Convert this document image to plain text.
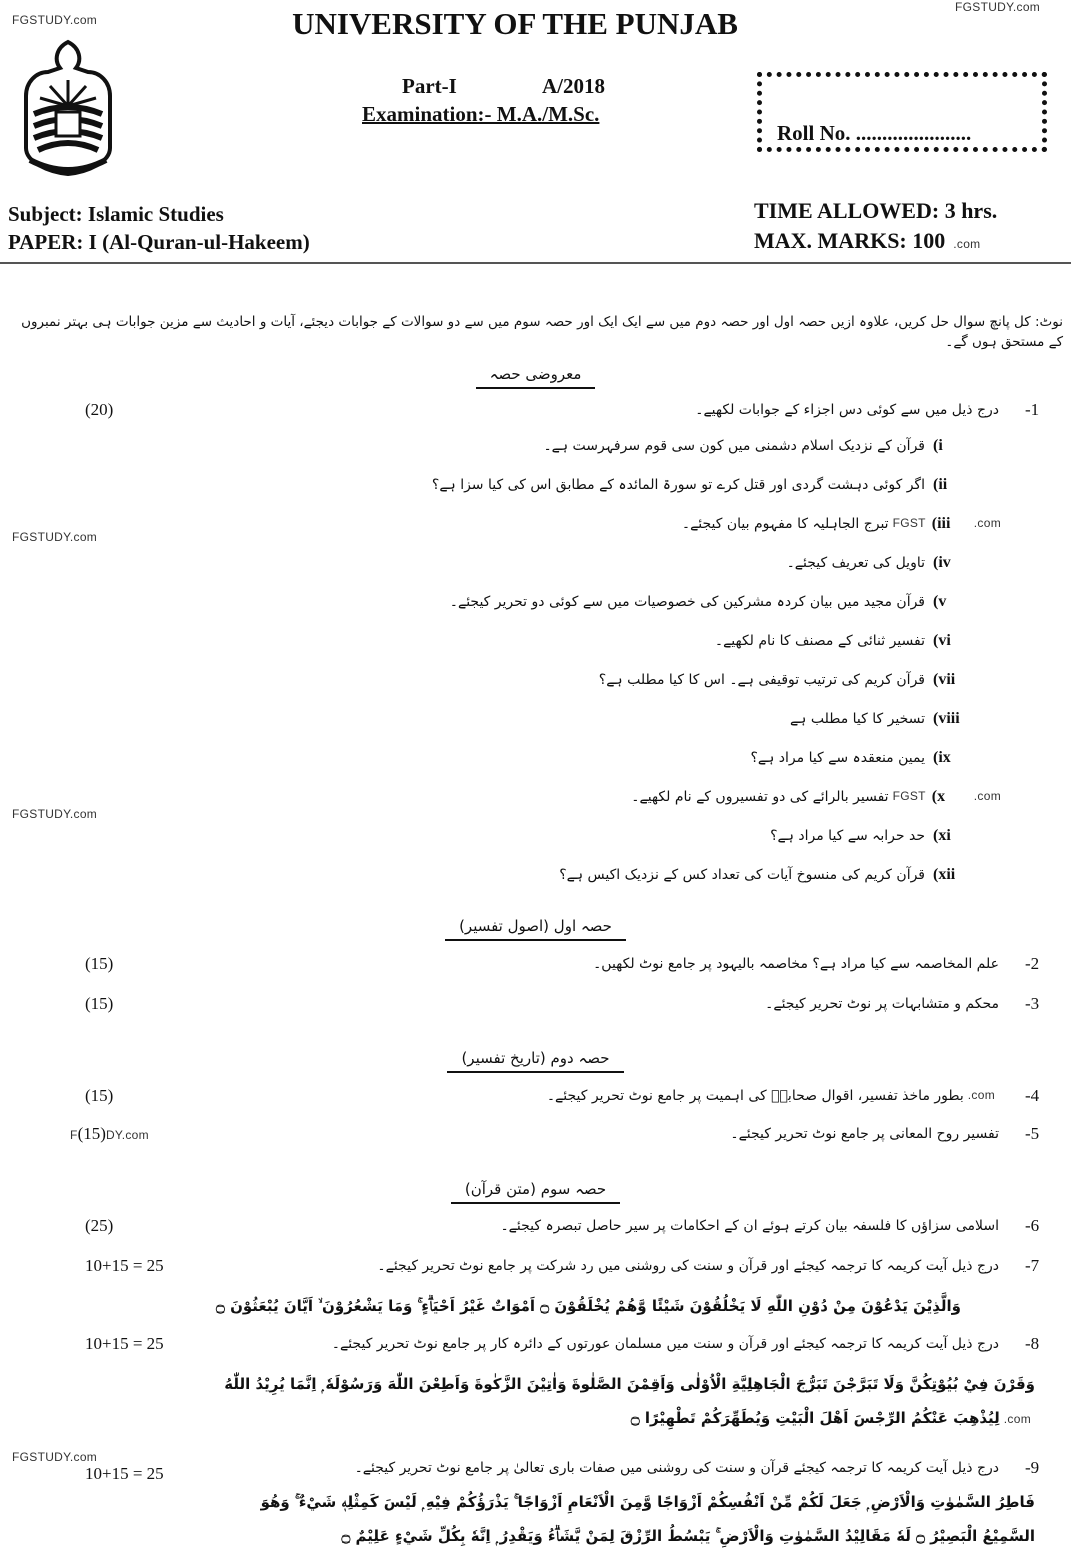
FGSTUDY.com
FGSTUDY.com
UNIVERSITY OF THE PUNJAB
Part-I	A/2018
Examination:- M.A./M.Sc.
Roll No. ......................
Subject: Islamic Studies
PAPER: I (Al-Quran-ul-Hakeem)
TIME ALLOWED: 3 hrs.
MAX. MARKS: 100 .com
نوٹ: کل پانچ سوال حل کریں، علاوہ ازیں حصہ اول اور حصہ دوم میں سے ایک ایک اور حصہ سوم میں سے دو سوالات کے جوابات دیجئے، آیات و احادیث سے مزین جوابات ہی بہتر نمبروں کے مستحق ہوں گے۔
معروضی حصہ
(20)	درج ذیل میں سے کوئی دس اجزاء کے جوابات لکھیے۔	-1
قرآن کے نزدیک اسلام دشمنی میں کون سی قوم سرفہرست ہے۔ (i
اگر کوئی دہشت گردی اور قتل کرے تو سورۃ المائدہ کے مطابق اس کی کیا سزا ہے؟ (ii
FGSTUDY.com
تبرج الجاہلیہ کا مفہوم بیان کیجئے۔ FGST (iii	.com
تاویل کی تعریف کیجئے۔ (iv
قرآن مجید میں بیان کردہ مشرکین کی خصوصیات میں سے کوئی دو تحریر کیجئے۔ (v
تفسیر ثنائی کے مصنف کا نام لکھیے۔ (vi
قرآن کریم کی ترتیب توقیفی ہے۔ اس کا کیا مطلب ہے؟ (vii
تسخیر کا کیا مطلب ہے (viii
یمین منعقدہ سے کیا مراد ہے؟ (ix
FGSTUDY.com
تفسیر بالرائے کی دو تفسیروں کے نام لکھیے۔ FGST (x	.com
حد حرابہ سے کیا مراد ہے؟ (xi
قرآن کریم کی منسوخ آیات کی تعداد کس کے نزدیک اکیس ہے؟ (xii
حصہ اول (اصول تفسیر)
(15)	علم المخاصمہ سے کیا مراد ہے؟ مخاصمہ بالیہود پر جامع نوٹ لکھیں۔	-2
(15)	محکم و متشابہات پر نوٹ تحریر کیجئے۔	-3
حصہ دوم (تاریخ تفسیر)
(15)	بطور ماخذ تفسیر، اقوال صحابہؓ کی اہمیت پر جامع نوٹ تحریر کیجئے۔ .com	-4
F(15)DY.com	تفسیر روح المعانی پر جامع نوٹ تحریر کیجئے۔	-5
حصہ سوم (متن قرآن)
(25)	اسلامی سزاؤں کا فلسفہ بیان کرتے ہوئے ان کے احکامات پر سیر حاصل تبصرہ کیجئے۔	-6
10+15 = 25	درج ذیل آیت کریمہ کا ترجمہ کیجئے اور قرآن و سنت کی روشنی میں رد شرکت پر جامع نوٹ تحریر کیجئے۔	-7
وَالَّذِيْنَ يَدْعُوْنَ مِنْ دُوْنِ اللّٰهِ لَا يَخْلُقُوْنَ شَيْئًا وَّهُمْ يُخْلَقُوْنَ ۝ اَمْوَاتٌ غَيْرُ اَحْيَاۗءٍ ۚ وَمَا يَشْعُرُوْنَ ۙ اَيَّانَ يُبْعَثُوْنَ ۝
10+15 = 25	درج ذیل آیت کریمہ کا ترجمہ کیجئے اور قرآن و سنت میں مسلمان عورتوں کے دائرہ کار پر جامع نوٹ تحریر کیجئے۔	-8
وَقَرْنَ فِيْ بُيُوْتِكُنَّ وَلَا تَبَرَّجْنَ تَبَرُّجَ الْجَاهِلِيَّةِ الْاُوْلٰى وَاَقِمْنَ الصَّلٰوةَ وَاٰتِيْنَ الزَّكٰوةَ وَاَطِعْنَ اللّٰهَ وَرَسُوْلَهٗ ۭ اِنَّمَا يُرِيْدُ اللّٰهُ
لِيُذْهِبَ عَنْكُمُ الرِّجْسَ اَهْلَ الْبَيْتِ وَيُطَهِّرَكُمْ تَطْهِيْرًا ۝ .com
FGSTUDY.com
10+15 = 25	درج ذیل آیت کریمہ کا ترجمہ کیجئے قرآن و سنت کی روشنی میں صفات باری تعالیٰ پر جامع نوٹ تحریر کیجئے۔	-9
فَاطِرُ السَّمٰوٰتِ وَالْاَرْضِ ۭ جَعَلَ لَكُمْ مِّنْ اَنْفُسِكُمْ اَزْوَاجًا وَّمِنَ الْاَنْعَامِ اَزْوَاجًا ۚ يَذْرَؤُكُمْ فِيْهِ ۭ لَيْسَ كَمِثْلِهٖ شَيْءٌ ۚ وَهُوَ
السَّمِيْعُ الْبَصِيْرُ ۝ لَهٗ مَقَالِيْدُ السَّمٰوٰتِ وَالْاَرْضِ ۚ يَبْسُطُ الرِّزْقَ لِمَنْ يَّشَاۗءُ وَيَقْدِرُ ۭ اِنَّهٗ بِكُلِّ شَيْءٍ عَلِيْمٌ ۝
